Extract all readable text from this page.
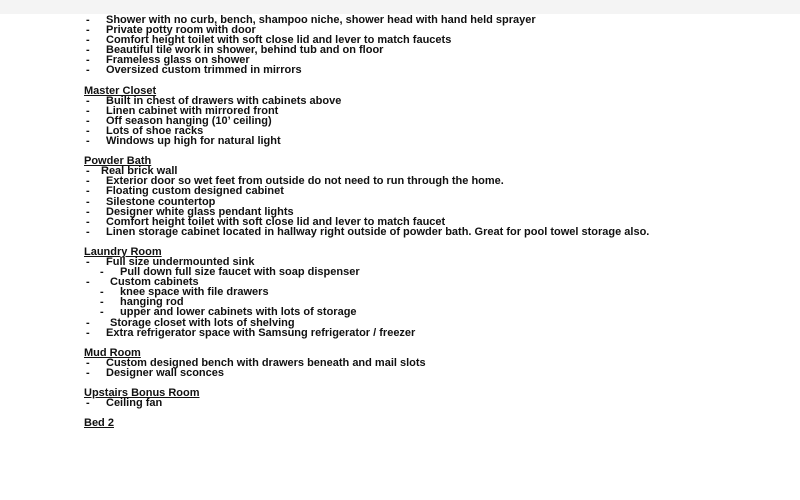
- Shower with no curb, bench, shampoo niche, shower head with hand held sprayer
- Private potty room with door
- Comfort height toilet with soft close lid and lever to match faucets
- Beautiful tile work in shower, behind tub and on floor
- Frameless glass on shower
- Oversized custom trimmed in mirrors
Master Closet
- Built in chest of drawers with cabinets above
- Linen cabinet with mirrored front
- Off season hanging (10’ ceiling)
- Lots of shoe racks
- Windows up high for natural light
Powder Bath
- Real brick wall
- Exterior door so wet feet from outside do not need to run through the home.
- Floating custom designed cabinet
- Silestone countertop
- Designer white glass pendant lights
- Comfort height toilet with soft close lid and lever to match faucet
- Linen storage cabinet located in hallway right outside of powder bath. Great for pool towel storage also.
Laundry Room
- Full size undermounted sink
- Pull down full size faucet with soap dispenser
- Custom cabinets
- knee space with file drawers
- hanging rod
- upper and lower cabinets with lots of storage
- Storage closet with lots of shelving
- Extra refrigerator space with Samsung refrigerator / freezer
Mud Room
- Custom designed bench with drawers beneath and mail slots
- Designer wall sconces
Upstairs Bonus Room
- Ceiling fan
Bed 2
